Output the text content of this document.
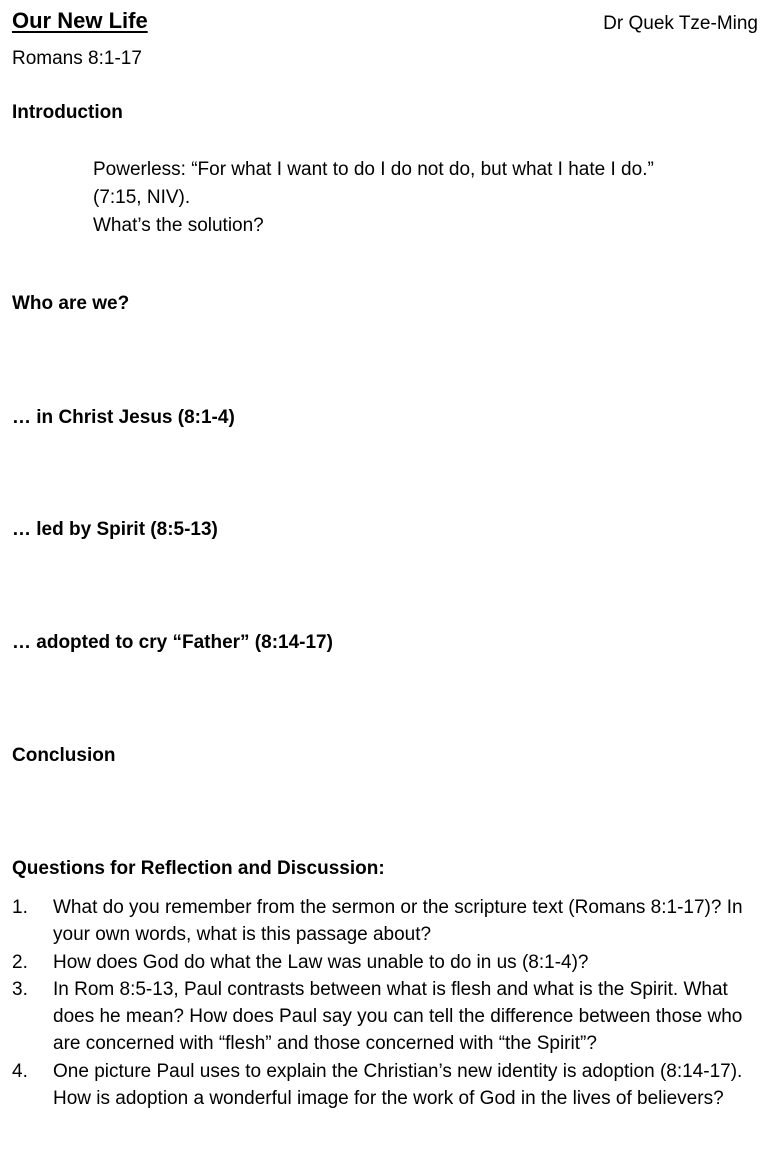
Our New Life	Dr Quek Tze-Ming
Romans 8:1-17
Introduction
Powerless: “For what I want to do I do not do, but what I hate I do.”
(7:15, NIV).
What’s the solution?
Who are we?
… in Christ Jesus (8:1-4)
… led by Spirit (8:5-13)
… adopted to cry “Father” (8:14-17)
Conclusion
Questions for Reflection and Discussion:
1. What do you remember from the sermon or the scripture text (Romans 8:1-17)? In your own words, what is this passage about?
2. How does God do what the Law was unable to do in us (8:1-4)?
3. In Rom 8:5-13, Paul contrasts between what is flesh and what is the Spirit. What does he mean? How does Paul say you can tell the difference between those who are concerned with “flesh” and those concerned with “the Spirit”?
4. One picture Paul uses to explain the Christian’s new identity is adoption (8:14-17). How is adoption a wonderful image for the work of God in the lives of believers?
